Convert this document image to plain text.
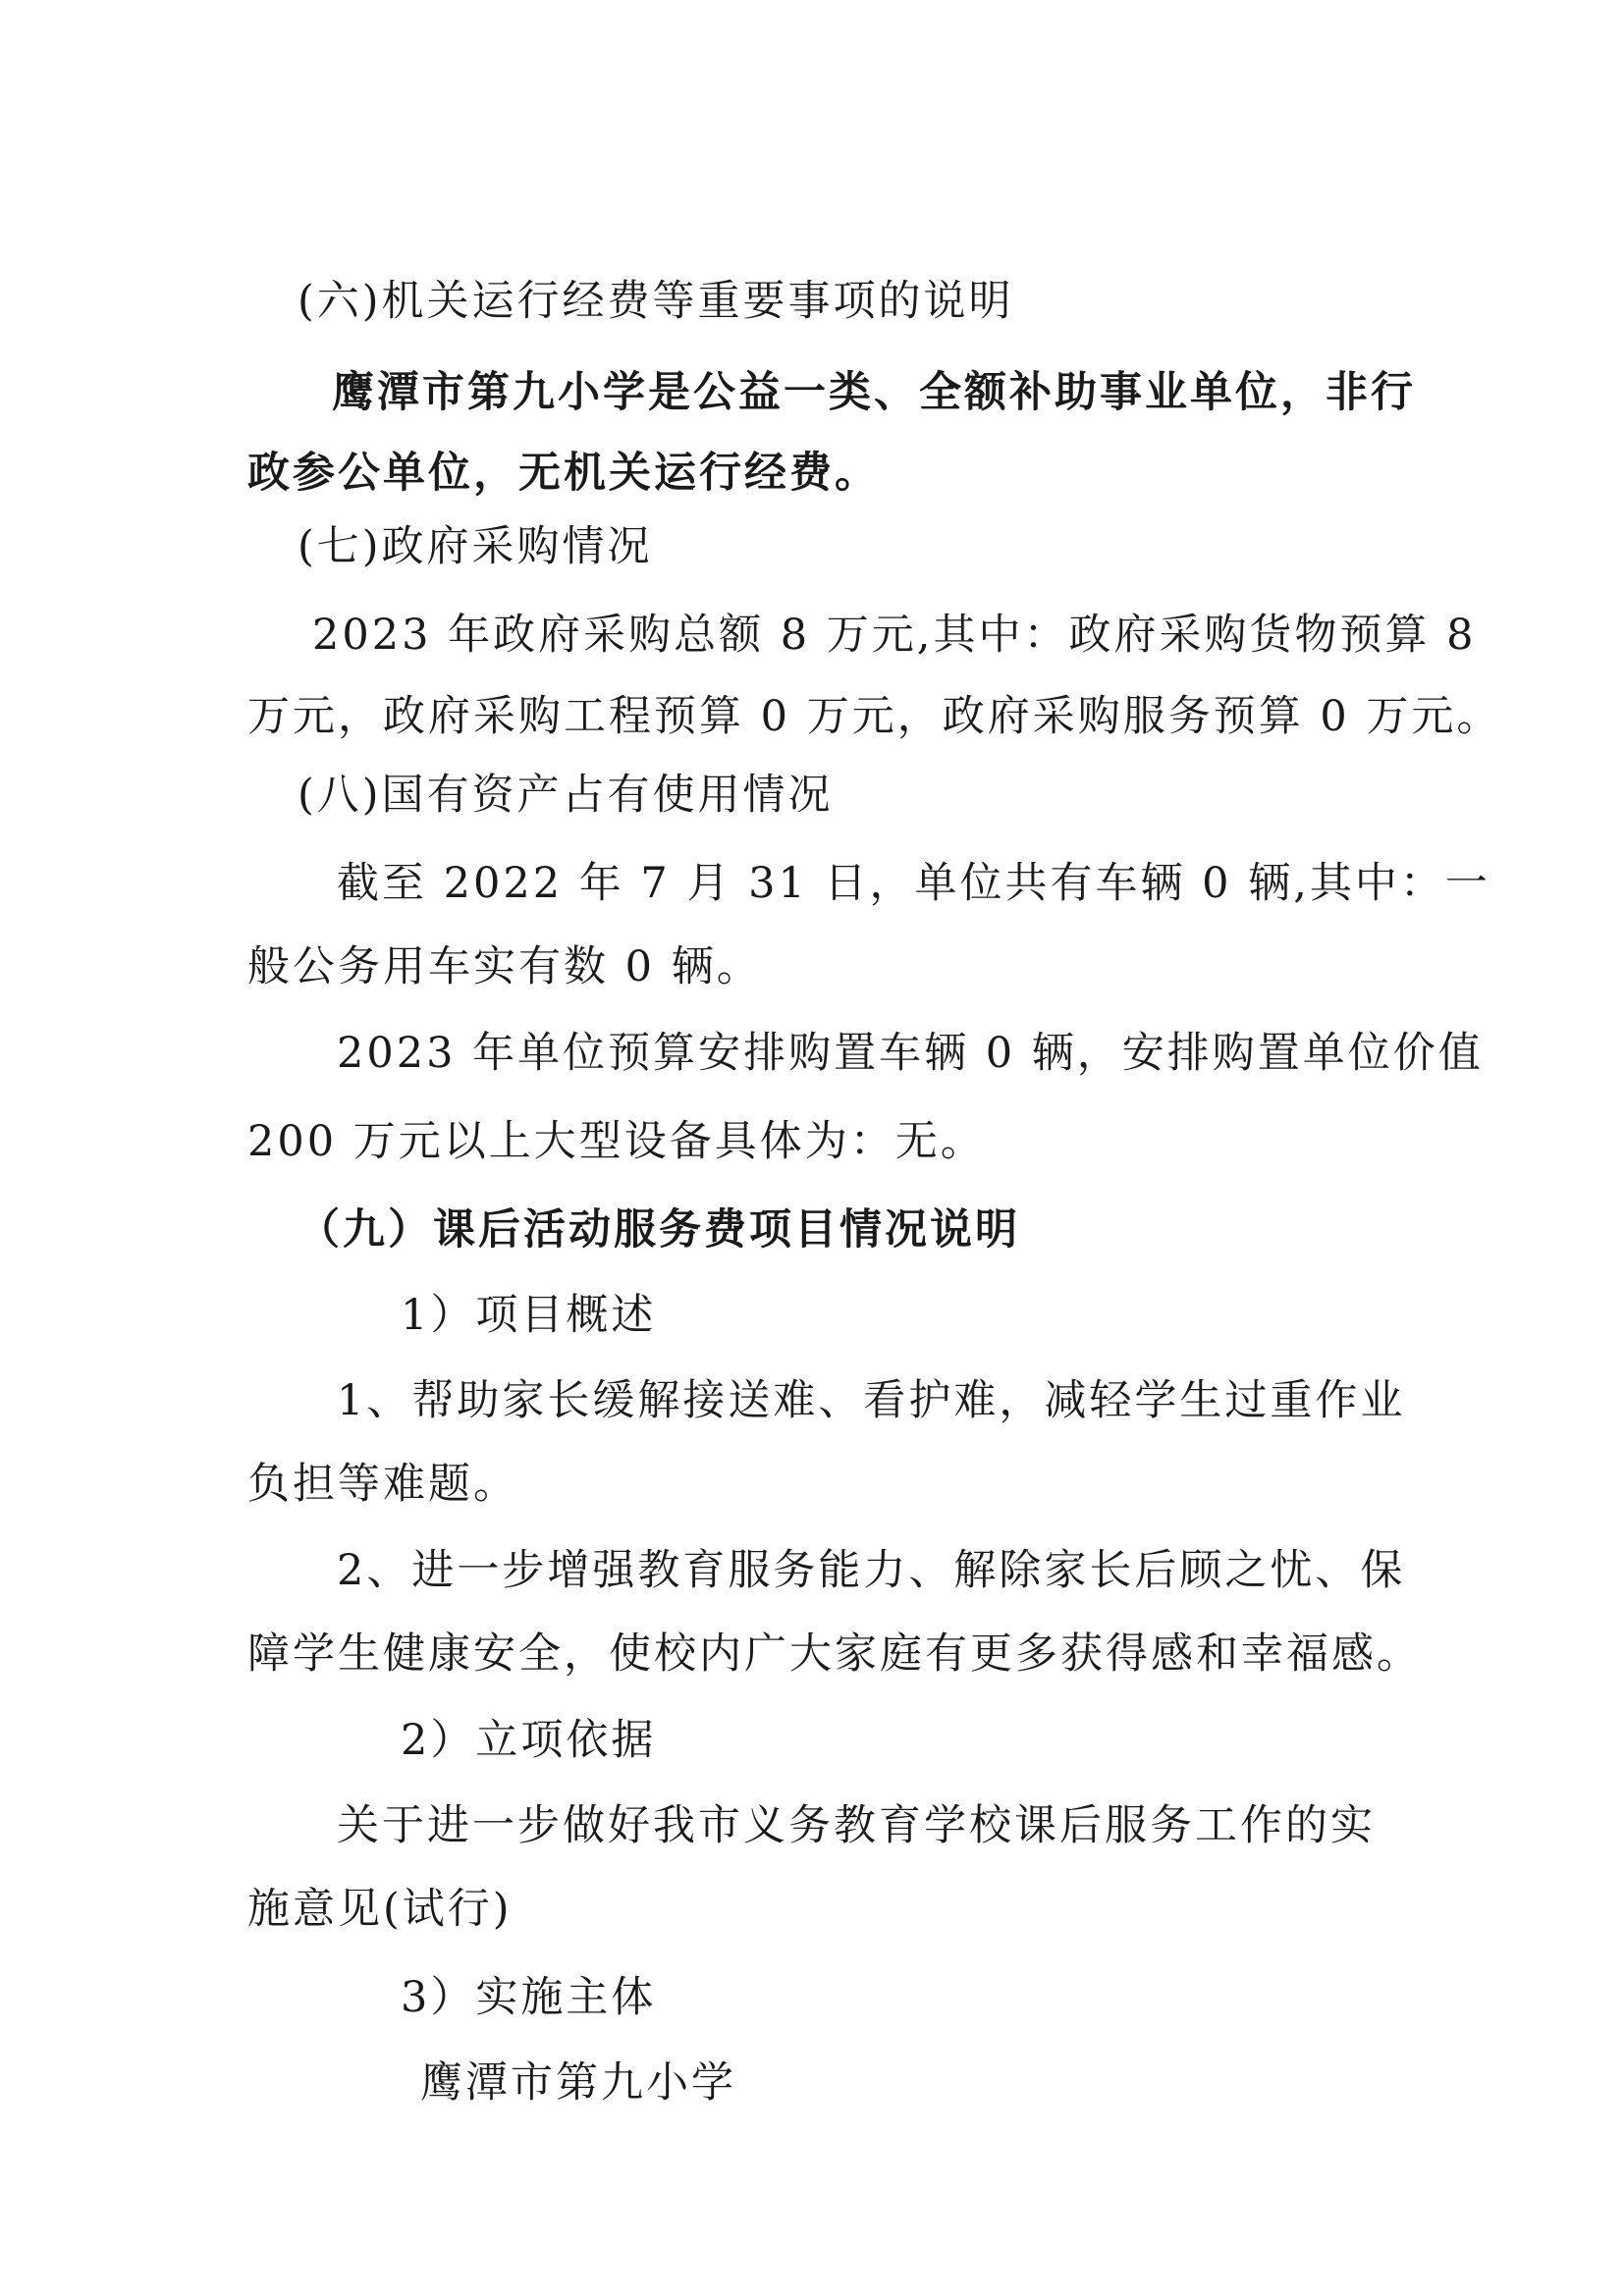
(六)机关运行经费等重要事项的说明
鹰潭市第九小学是公益一类、全额补助事业单位，非行
政参公单位，无机关运行经费。
(七)政府采购情况
2023 年政府采购总额 8 万元,其中：政府采购货物预算 8
万元，政府采购工程预算 0 万元，政府采购服务预算 0 万元。
(八)国有资产占有使用情况
截至 2022 年 7 月 31 日，单位共有车辆 0 辆,其中：一
般公务用车实有数 0 辆。
2023 年单位预算安排购置车辆 0 辆，安排购置单位价值
200 万元以上大型设备具体为：无。
（九）课后活动服务费项目情况说明
1）项目概述
1、帮助家长缓解接送难、看护难，减轻学生过重作业
负担等难题。
2、进一步增强教育服务能力、解除家长后顾之忧、保
障学生健康安全，使校内广大家庭有更多获得感和幸福感。
2）立项依据
关于进一步做好我市义务教育学校课后服务工作的实
施意见(试行)
3）实施主体
鹰潭市第九小学
